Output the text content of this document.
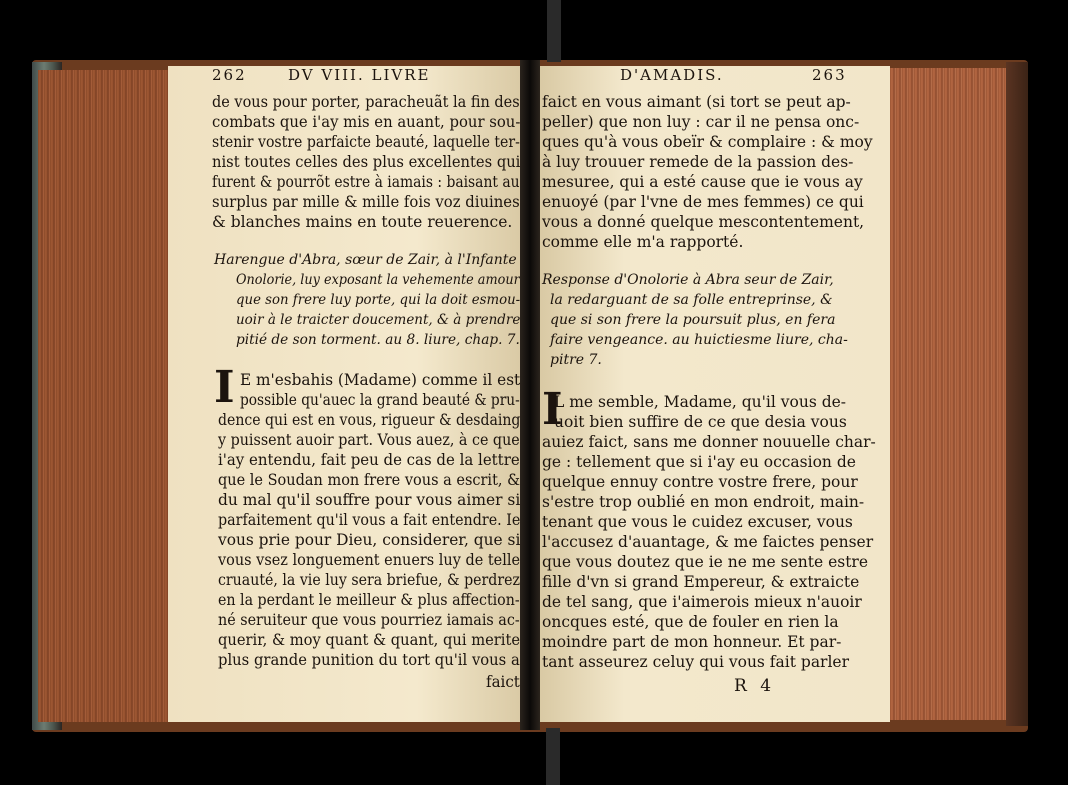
262	DV VIII. LIVRE
de vous pour porter, paracheuãt la fin des
combats que i'ay mis en auant, pour sou-
stenir vostre parfaicte beauté, laquelle ter-
nist toutes celles des plus excellentes qui
furent & pourrõt estre à iamais : baisant au
surplus par mille & mille fois voz diuines
& blanches mains en toute reuerence.
Harengue d'Abra, sœur de Zair, à l'Infante
Onolorie, luy exposant la vehemente amour
que son frere luy porte, qui la doit esmou-
uoir à le traicter doucement, & à prendre
pitié de son torment. au 8. liure, chap. 7.
I E m'esbahis (Madame) comme il est
possible qu'auec la grand beauté & pru-
dence qui est en vous, rigueur & desdaing
y puissent auoir part. Vous auez, à ce que
i'ay entendu, fait peu de cas de la lettre
que le Soudan mon frere vous a escrit, &
du mal qu'il souffre pour vous aimer si
parfaitement qu'il vous a fait entendre. Ie
vous prie pour Dieu, considerer, que si
vous vsez longuement enuers luy de telle
cruauté, la vie luy sera briefue, & perdrez
en la perdant le meilleur & plus affection-
né seruiteur que vous pourriez iamais ac-
querir, & moy quant & quant, qui merite
plus grande punition du tort qu'il vous a
faict
D'AMADIS.	263
faict en vous aimant (si tort se peut ap-
peller) que non luy : car il ne pensa onc-
ques qu'à vous obeïr & complaire : & moy
à luy trouuer remede de la passion des-
mesuree, qui a esté cause que ie vous ay
enuoyé (par l'vne de mes femmes) ce qui
vous a donné quelque mescontentement,
comme elle m'a rapporté.
Response d'Onolorie à Abra seur de Zair,
la redarguant de sa folle entreprinse, &
que si son frere la poursuit plus, en fera
faire vengeance. au huictiesme liure, cha-
pitre 7.
I
L me semble, Madame, qu'il vous de-
uoit bien suffire de ce que desia vous
auiez faict, sans me donner nouuelle char-
ge : tellement que si i'ay eu occasion de
quelque ennuy contre vostre frere, pour
s'estre trop oublié en mon endroit, main-
tenant que vous le cuidez excuser, vous
l'accusez d'auantage, & me faictes penser
que vous doutez que ie ne me sente estre
fille d'vn si grand Empereur, & extraicte
de tel sang, que i'aimerois mieux n'auoir
oncques esté, que de fouler en rien la
moindre part de mon honneur. Et par-
tant asseurez celuy qui vous fait parler
R 4
